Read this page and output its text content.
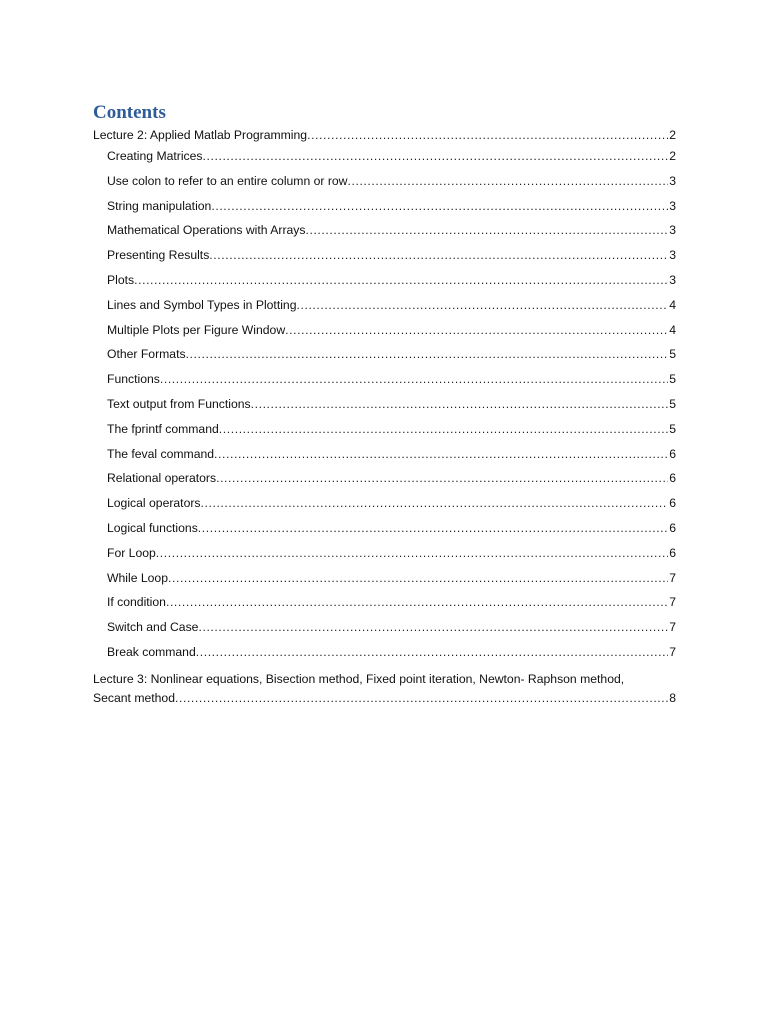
Contents
Lecture 2: Applied Matlab Programming .....	2
Creating Matrices .....	2
Use colon to refer to an entire column or row .....	3
String manipulation .....	3
Mathematical Operations with Arrays .....	3
Presenting Results .....	3
Plots .....	3
Lines and Symbol Types in Plotting .....	4
Multiple Plots per Figure Window .....	4
Other Formats .....	5
Functions .....	5
Text output from Functions .....	5
The fprintf command .....	5
The feval command .....	6
Relational operators .....	6
Logical operators .....	6
Logical functions .....	6
For Loop .....	6
While Loop .....	7
If condition .....	7
Switch and Case .....	7
Break command .....	7
Lecture 3: Nonlinear equations, Bisection method, Fixed point iteration, Newton- Raphson method,
Secant method .....	8
